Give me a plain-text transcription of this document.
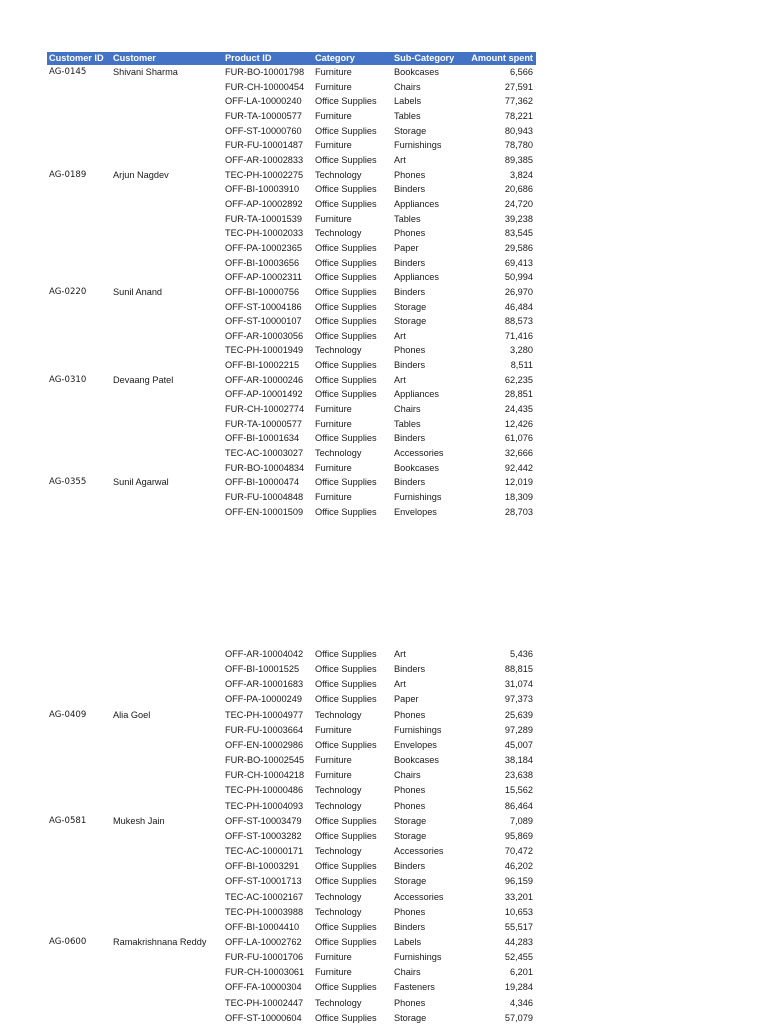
Customer ID	Customer	Product ID	Category	Sub-Category	Amount spent
AG-0145	Shivani Sharma	FUR-BO-10001798	Furniture	Bookcases	6,566
		FUR-CH-10000454	Furniture	Chairs	27,591
		OFF-LA-10000240	Office Supplies	Labels	77,362
		FUR-TA-10000577	Furniture	Tables	78,221
		OFF-ST-10000760	Office Supplies	Storage	80,943
		FUR-FU-10001487	Furniture	Furnishings	78,780
		OFF-AR-10002833	Office Supplies	Art	89,385
AG-0189	Arjun Nagdev	TEC-PH-10002275	Technology	Phones	3,824
		OFF-BI-10003910	Office Supplies	Binders	20,686
		OFF-AP-10002892	Office Supplies	Appliances	24,720
		FUR-TA-10001539	Furniture	Tables	39,238
		TEC-PH-10002033	Technology	Phones	83,545
		OFF-PA-10002365	Office Supplies	Paper	29,586
		OFF-BI-10003656	Office Supplies	Binders	69,413
		OFF-AP-10002311	Office Supplies	Appliances	50,994
AG-0220	Sunil Anand	OFF-BI-10000756	Office Supplies	Binders	26,970
		OFF-ST-10004186	Office Supplies	Storage	46,484
		OFF-ST-10000107	Office Supplies	Storage	88,573
		OFF-AR-10003056	Office Supplies	Art	71,416
		TEC-PH-10001949	Technology	Phones	3,280
		OFF-BI-10002215	Office Supplies	Binders	8,511
AG-0310	Devaang Patel	OFF-AR-10000246	Office Supplies	Art	62,235
		OFF-AP-10001492	Office Supplies	Appliances	28,851
		FUR-CH-10002774	Furniture	Chairs	24,435
		FUR-TA-10000577	Furniture	Tables	12,426
		OFF-BI-10001634	Office Supplies	Binders	61,076
		TEC-AC-10003027	Technology	Accessories	32,666
		FUR-BO-10004834	Furniture	Bookcases	92,442
AG-0355	Sunil Agarwal	OFF-BI-10000474	Office Supplies	Binders	12,019
		FUR-FU-10004848	Furniture	Furnishings	18,309
		OFF-EN-10001509	Office Supplies	Envelopes	28,703
		OFF-AR-10004042	Office Supplies	Art	5,436
		OFF-BI-10001525	Office Supplies	Binders	88,815
		OFF-AR-10001683	Office Supplies	Art	31,074
		OFF-PA-10000249	Office Supplies	Paper	97,373
AG-0409	Alia Goel	TEC-PH-10004977	Technology	Phones	25,639
		FUR-FU-10003664	Furniture	Furnishings	97,289
		OFF-EN-10002986	Office Supplies	Envelopes	45,007
		FUR-BO-10002545	Furniture	Bookcases	38,184
		FUR-CH-10004218	Furniture	Chairs	23,638
		TEC-PH-10000486	Technology	Phones	15,562
		TEC-PH-10004093	Technology	Phones	86,464
AG-0581	Mukesh Jain	OFF-ST-10003479	Office Supplies	Storage	7,089
		OFF-ST-10003282	Office Supplies	Storage	95,869
		TEC-AC-10000171	Technology	Accessories	70,472
		OFF-BI-10003291	Office Supplies	Binders	46,202
		OFF-ST-10001713	Office Supplies	Storage	96,159
		TEC-AC-10002167	Technology	Accessories	33,201
		TEC-PH-10003988	Technology	Phones	10,653
		OFF-BI-10004410	Office Supplies	Binders	55,517
AG-0600	Ramakrishnana Reddy	OFF-LA-10002762	Office Supplies	Labels	44,283
		FUR-FU-10001706	Furniture	Furnishings	52,455
		FUR-CH-10003061	Furniture	Chairs	6,201
		OFF-FA-10000304	Office Supplies	Fasteners	19,284
		TEC-PH-10002447	Technology	Phones	4,346
		OFF-ST-10000604	Office Supplies	Storage	57,079
